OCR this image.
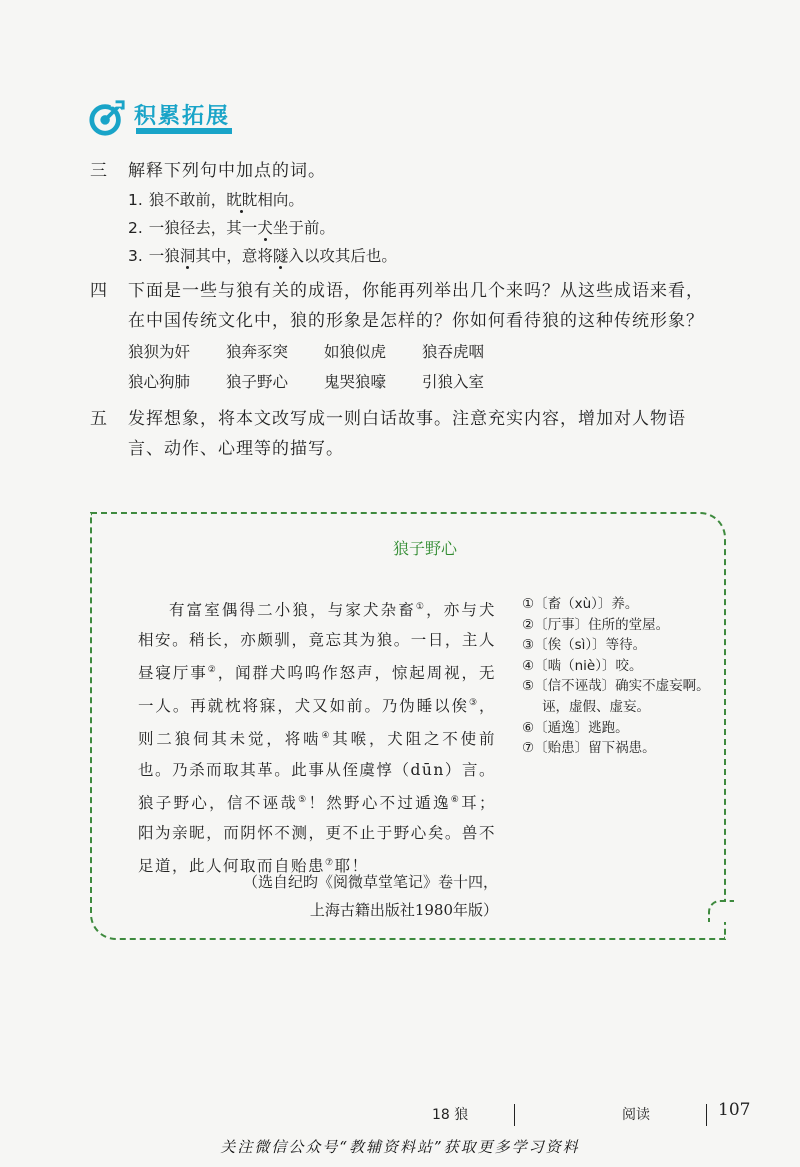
积累拓展
三	解释下列句中加点的词。
1. 狼不敢前，眈眈相向。
2. 一狼径去，其一犬坐于前。
3. 一狼洞其中，意将隧入以攻其后也。
四	下面是一些与狼有关的成语，你能再列举出几个来吗？从这些成语来看，
在中国传统文化中，狼的形象是怎样的？你如何看待狼的这种传统形象？
狼狈为奸 狼奔豕突 如狼似虎 狼吞虎咽
狼心狗肺 狼子野心 鬼哭狼嚎 引狼入室
五	发挥想象，将本文改写成一则白话故事。注意充实内容，增加对人物语
言、动作、心理等的描写。
狼子野心

有富室偶得二小狼，与家犬杂畜①，亦与犬相安。稍长，亦颇驯，竟忘其为狼。一日，主人昼寝厅事②，闻群犬呜呜作怒声，惊起周视，无一人。再就枕将寐，犬又如前。乃伪睡以俟③，则二狼伺其未觉，将啮④其喉，犬阻之不使前也。乃杀而取其革。此事从侄虞惇（dūn）言。狼子野心，信不诬哉⑤！然野心不过遁逸⑥耳；阳为亲昵，而阴怀不测，更不止于野心矣。兽不足道，此人何取而自贻患⑦耶！

（选自纪昀《阅微草堂笔记》卷十四，
上海古籍出版社1980年版）
①〔畜（xù）〕养。
②〔厅事〕住所的堂屋。
③〔俟（sì）〕等待。
④〔啮（niè）〕咬。
⑤〔信不诬哉〕确实不虚妄啊。
诬，虚假、虚妄。
⑥〔遁逸〕逃跑。
⑦〔贻患〕留下祸患。
18 狼	阅读	107
关注微信公众号“教辅资料站”获取更多学习资料
